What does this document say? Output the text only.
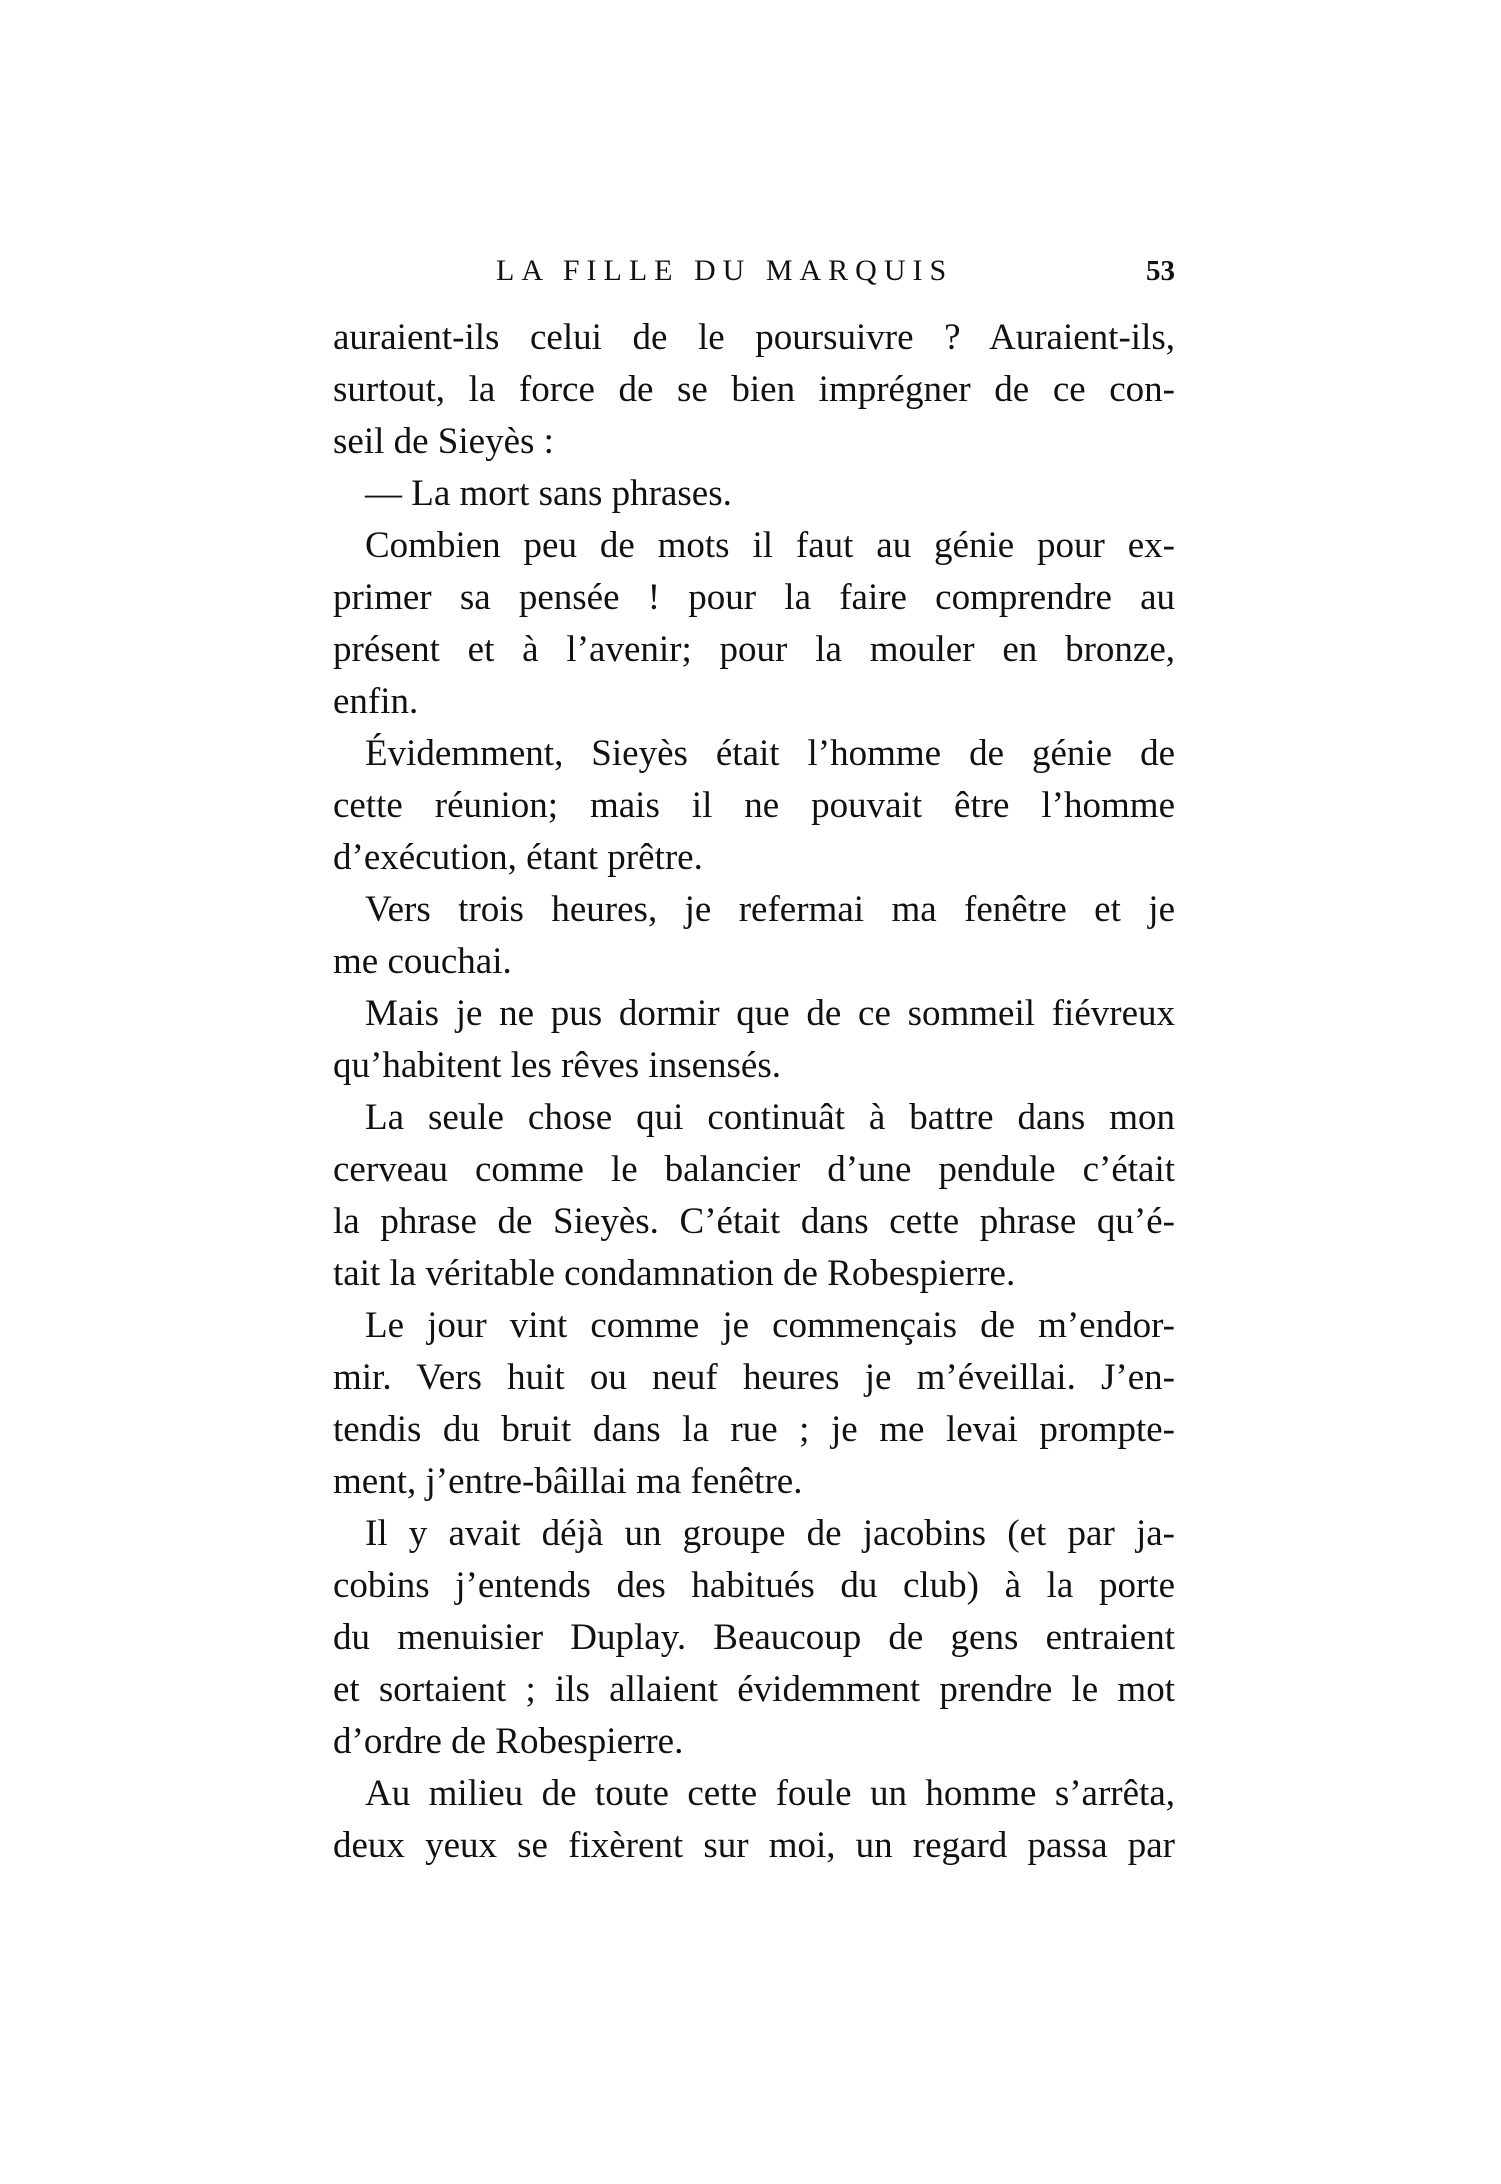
LA FILLE DU MARQUIS	53
auraient-ils celui de le poursuivre ? Auraient-ils,
surtout, la force de se bien imprégner de ce con-
seil de Sieyès :
— La mort sans phrases.
Combien peu de mots il faut au génie pour ex-
primer sa pensée ! pour la faire comprendre au
présent et à l’avenir; pour la mouler en bronze,
enfin.
Évidemment, Sieyès était l’homme de génie de
cette réunion; mais il ne pouvait être l’homme
d’exécution, étant prêtre.
Vers trois heures, je refermai ma fenêtre et je
me couchai.
Mais je ne pus dormir que de ce sommeil fiévreux
qu’habitent les rêves insensés.
La seule chose qui continuât à battre dans mon
cerveau comme le balancier d’une pendule c’était
la phrase de Sieyès. C’était dans cette phrase qu’é-
tait la véritable condamnation de Robespierre.
Le jour vint comme je commençais de m’endor-
mir. Vers huit ou neuf heures je m’éveillai. J’en-
tendis du bruit dans la rue ; je me levai prompte-
ment, j’entre-bâillai ma fenêtre.
Il y avait déjà un groupe de jacobins (et par ja-
cobins j’entends des habitués du club) à la porte
du menuisier Duplay. Beaucoup de gens entraient
et sortaient ; ils allaient évidemment prendre le mot
d’ordre de Robespierre.
Au milieu de toute cette foule un homme s’arrêta,
deux yeux se fixèrent sur moi, un regard passa par
